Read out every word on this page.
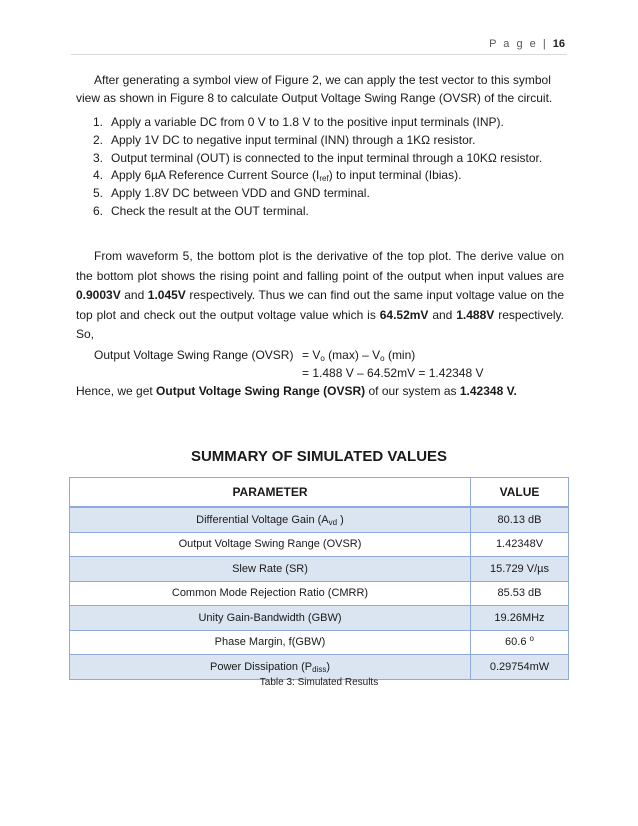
P a g e | 16
After generating a symbol view of Figure 2, we can apply the test vector to this symbol view as shown in Figure 8 to calculate Output Voltage Swing Range (OVSR) of the circuit.
1. Apply a variable DC from 0 V to 1.8 V to the positive input terminals (INP).
2. Apply 1V DC to negative input terminal (INN) through a 1KΩ resistor.
3. Output terminal (OUT) is connected to the input terminal through a 10KΩ resistor.
4. Apply 6µA Reference Current Source $(I_{ref})$ to input terminal (Ibias).
5. Apply 1.8V DC between VDD and GND terminal.
6. Check the result at the OUT terminal.
From waveform 5, the bottom plot is the derivative of the top plot. The derive value on the bottom plot shows the rising point and falling point of the output when input values are 0.9003V and 1.045V respectively. Thus we can find out the same input voltage value on the top plot and check out the output voltage value which is 64.52mV and 1.488V respectively. So,
Output Voltage Swing Range (OVSR) = $V_o$ $(\max) - V_o$ (min)
= 1.488 V – 64.52mV = 1.42348 V
Hence, we get Output Voltage Swing Range (OVSR) of our system as 1.42348 V.
SUMMARY OF SIMULATED VALUES
PARAMETER	VALUE
Differential Voltage Gain ($A_{vd}$ )	80.13 dB
Output Voltage Swing Range (OVSR)	1.42348V
Slew Rate (SR)	15.729 V/µs
Common Mode Rejection Ratio (CMRR)	85.53 dB
Unity Gain-Bandwidth (GBW)	19.26MHz
Phase Margin, f(GBW)	60.6 $^o$
Power Dissipation $(P_{diss})$	0.29754mW
Table 3: Simulated Results
